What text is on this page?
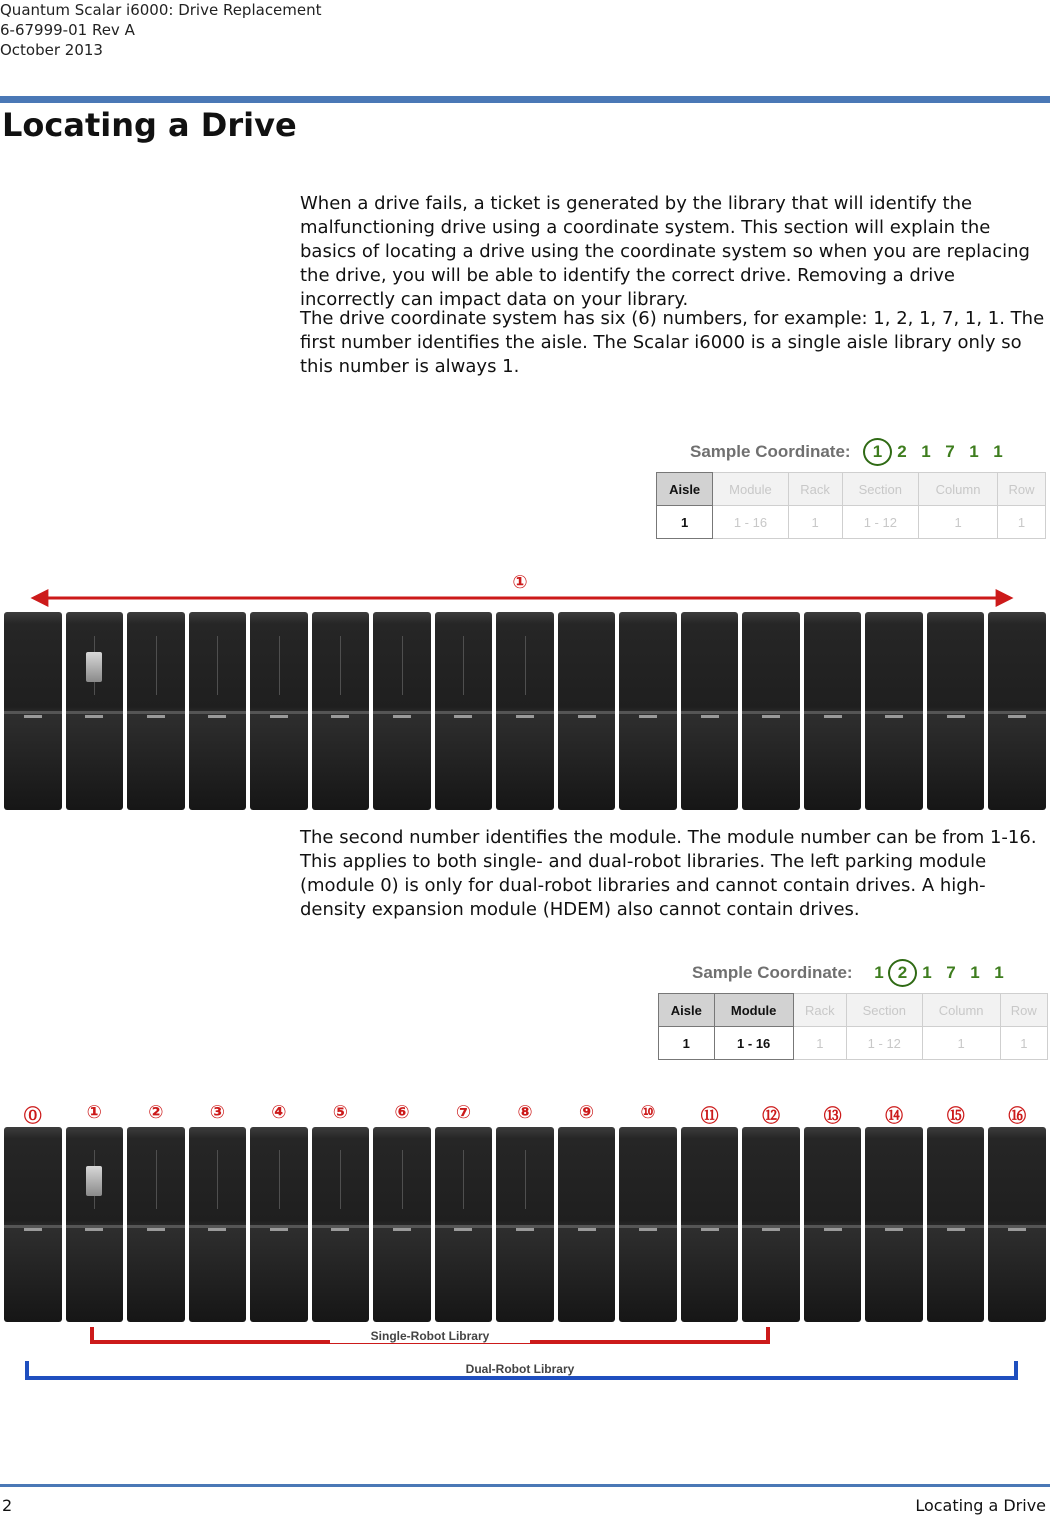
Quantum Scalar i6000: Drive Replacement
6-67999-01 Rev A
October 2013
Locating a Drive
When a drive fails, a ticket is generated by the library that will identify the malfunctioning drive using a coordinate system. This section will explain the basics of locating a drive using the coordinate system so when you are replacing the drive, you will be able to identify the correct drive. Removing a drive incorrectly can impact data on your library.
The drive coordinate system has six (6) numbers, for example: 1, 2, 1, 7, 1, 1. The first number identifies the aisle. The Scalar i6000 is a single aisle library only so this number is always 1.
Sample Coordinate:	1 2 1 7 1 1
Aisle	Module	Rack	Section	Column	Row
1	1 - 16	1	1 - 12	1	1
①
The second number identifies the module. The module number can be from 1-16. This applies to both single- and dual-robot libraries. The left parking module (module 0) is only for dual-robot libraries and cannot contain drives. A high-density expansion module (HDEM) also cannot contain drives.
Sample Coordinate: 1 2 1 7 1 1
Aisle	Module	Rack	Section	Column	Row
1	1 - 16	1	1 - 12	1	1
⓪	①	②	③	④	⑤	⑥	⑦	⑧	⑨	⑩	⑪	⑫	⑬	⑭	⑮	⑯
Single-Robot Library
Dual-Robot Library
2	Locating a Drive
